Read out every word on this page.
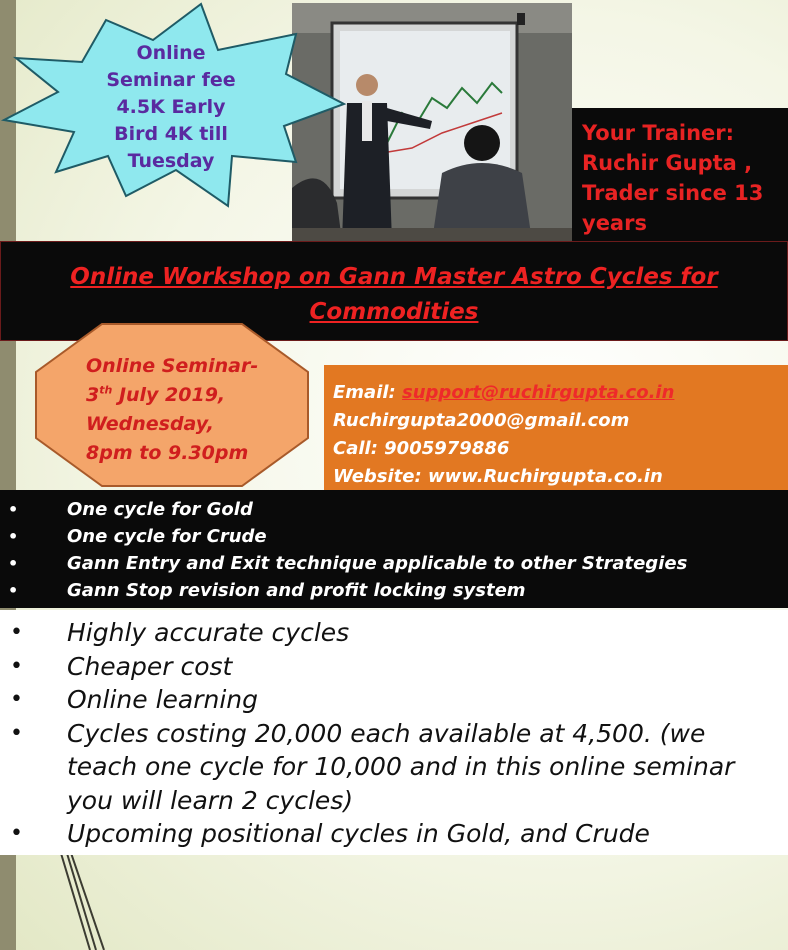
Online
Seminar fee
4.5K Early
Bird 4K till
Tuesday
Your Trainer:
Ruchir Gupta ,
Trader since 13
years
Online Workshop on Gann Master Astro Cycles for
Commodities
Online Seminar-
3th July 2019,
Wednesday,
8pm to 9.30pm
Email: support@ruchirgupta.co.in
Ruchirgupta2000@gmail.com
Call: 9005979886
Website: www.Ruchirgupta.co.in
•	One cycle for Gold
•	One cycle for Crude
•	Gann Entry and Exit technique applicable to other Strategies
•	Gann Stop revision and profit locking system
• Highly accurate cycles
• Cheaper cost
• Online learning
• Cycles costing 20,000 each available at 4,500. (we teach one cycle for 10,000 and in this online seminar you will learn 2 cycles)
• Upcoming positional cycles in Gold, and Crude
